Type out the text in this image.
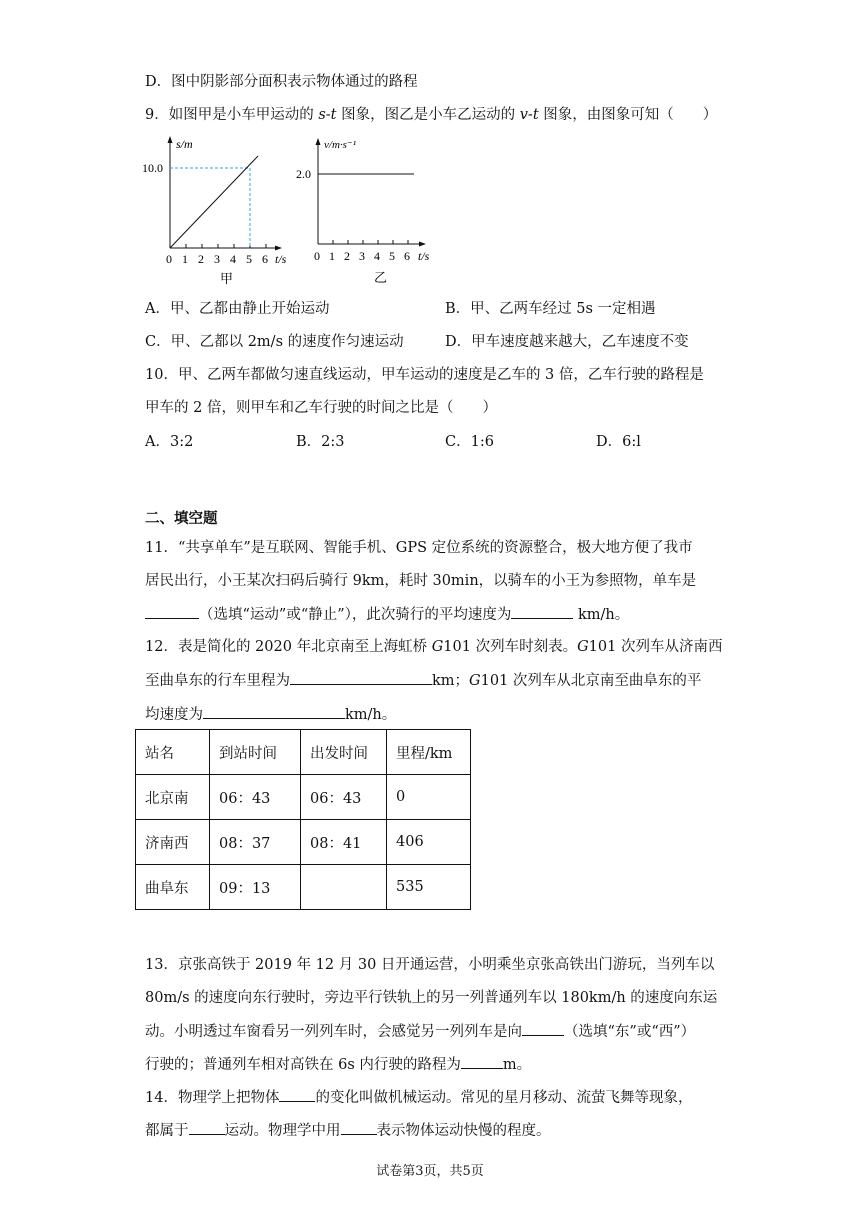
D．图中阴影部分面积表示物体通过的路程
9．如图甲是小车甲运动的 s-t 图象，图乙是小车乙运动的 v-t 图象，由图象可知（　　）
s/m
10.0
0 1 2 3 4 5 6 t/s
甲
v/m·s⁻¹
2.0
0 1 2 3 4 5 6 t/s
乙
A．甲、乙都由静止开始运动	B．甲、乙两车经过 5s 一定相遇
C．甲、乙都以 2m/s 的速度作匀速运动	D．甲车速度越来越大，乙车速度不变
10．甲、乙两车都做匀速直线运动，甲车运动的速度是乙车的 3 倍，乙车行驶的路程是
甲车的 2 倍，则甲车和乙车行驶的时间之比是（　　）
A．3:2	B．2:3	C．1:6	D．6:l
二、填空题
11．“共享单车”是互联网、智能手机、GPS 定位系统的资源整合，极大地方便了我市
居民出行，小王某次扫码后骑行 9km，耗时 30min，以骑车的小王为参照物，单车是
（选填“运动”或“静止”），此次骑行的平均速度为	km/h。
12．表是简化的 2020 年北京南至上海虹桥 G101 次列车时刻表。G101 次列车从济南西
至曲阜东的行车里程为	km；G101 次列车从北京南至曲阜东的平
均速度为	km/h。
站名	到站时间	出发时间	里程/km
北京南	06：43	06：43	0
济南西	08：37	08：41	406
曲阜东	09：13		535
13．京张高铁于 2019 年 12 月 30 日开通运营，小明乘坐京张高铁出门游玩，当列车以
80m/s 的速度向东行驶时，旁边平行铁轨上的另一列普通列车以 180km/h 的速度向东运
动。小明透过车窗看另一列列车时，会感觉另一列列车是向	（选填“东”或“西”）
行驶的；普通列车相对高铁在 6s 内行驶的路程为	m。
14．物理学上把物体 的变化叫做机械运动。常见的星月移动、流萤飞舞等现象，
都属于 运动。物理学中用 表示物体运动快慢的程度。
试卷第3页，共5页
